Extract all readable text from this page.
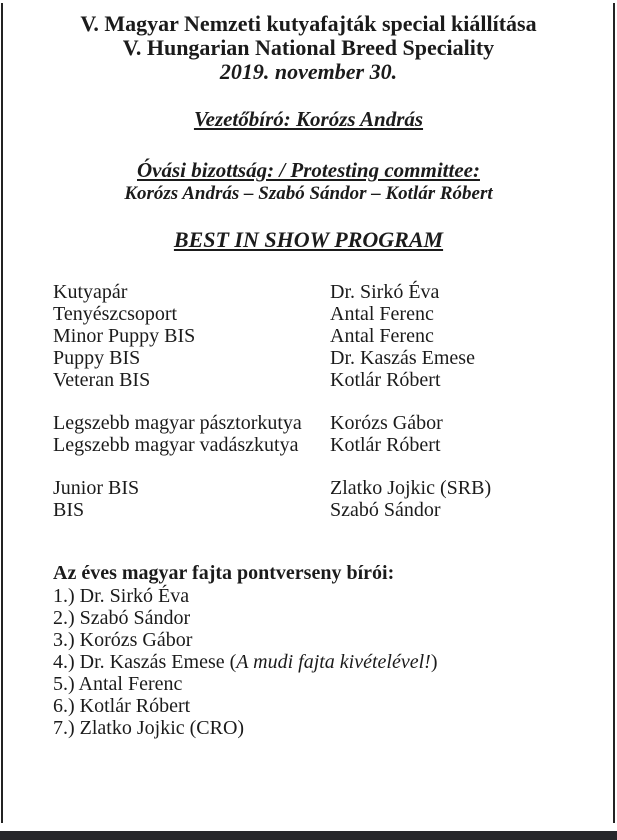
V. Magyar Nemzeti kutyafajták special kiállítása
V. Hungarian National Breed Speciality
2019. november 30.
Vezetőbíró: Korózs András
Óvási bizottság: / Protesting committee:
Korózs András – Szabó Sándor – Kotlár Róbert
BEST IN SHOW PROGRAM
Kutyapár	Dr. Sirkó Éva
Tenyészcsoport	Antal Ferenc
Minor Puppy BIS	Antal Ferenc
Puppy BIS	Dr. Kaszás Emese
Veteran BIS	Kotlár Róbert
Legszebb magyar pásztorkutya	Korózs Gábor
Legszebb magyar vadászkutya	Kotlár Róbert
Junior BIS	Zlatko Jojkic (SRB)
BIS	Szabó Sándor
Az éves magyar fajta pontverseny bírói:
1.) Dr. Sirkó Éva
2.) Szabó Sándor
3.) Korózs Gábor
4.) Dr. Kaszás Emese (A mudi fajta kivételével!)
5.) Antal Ferenc
6.) Kotlár Róbert
7.) Zlatko Jojkic (CRO)
